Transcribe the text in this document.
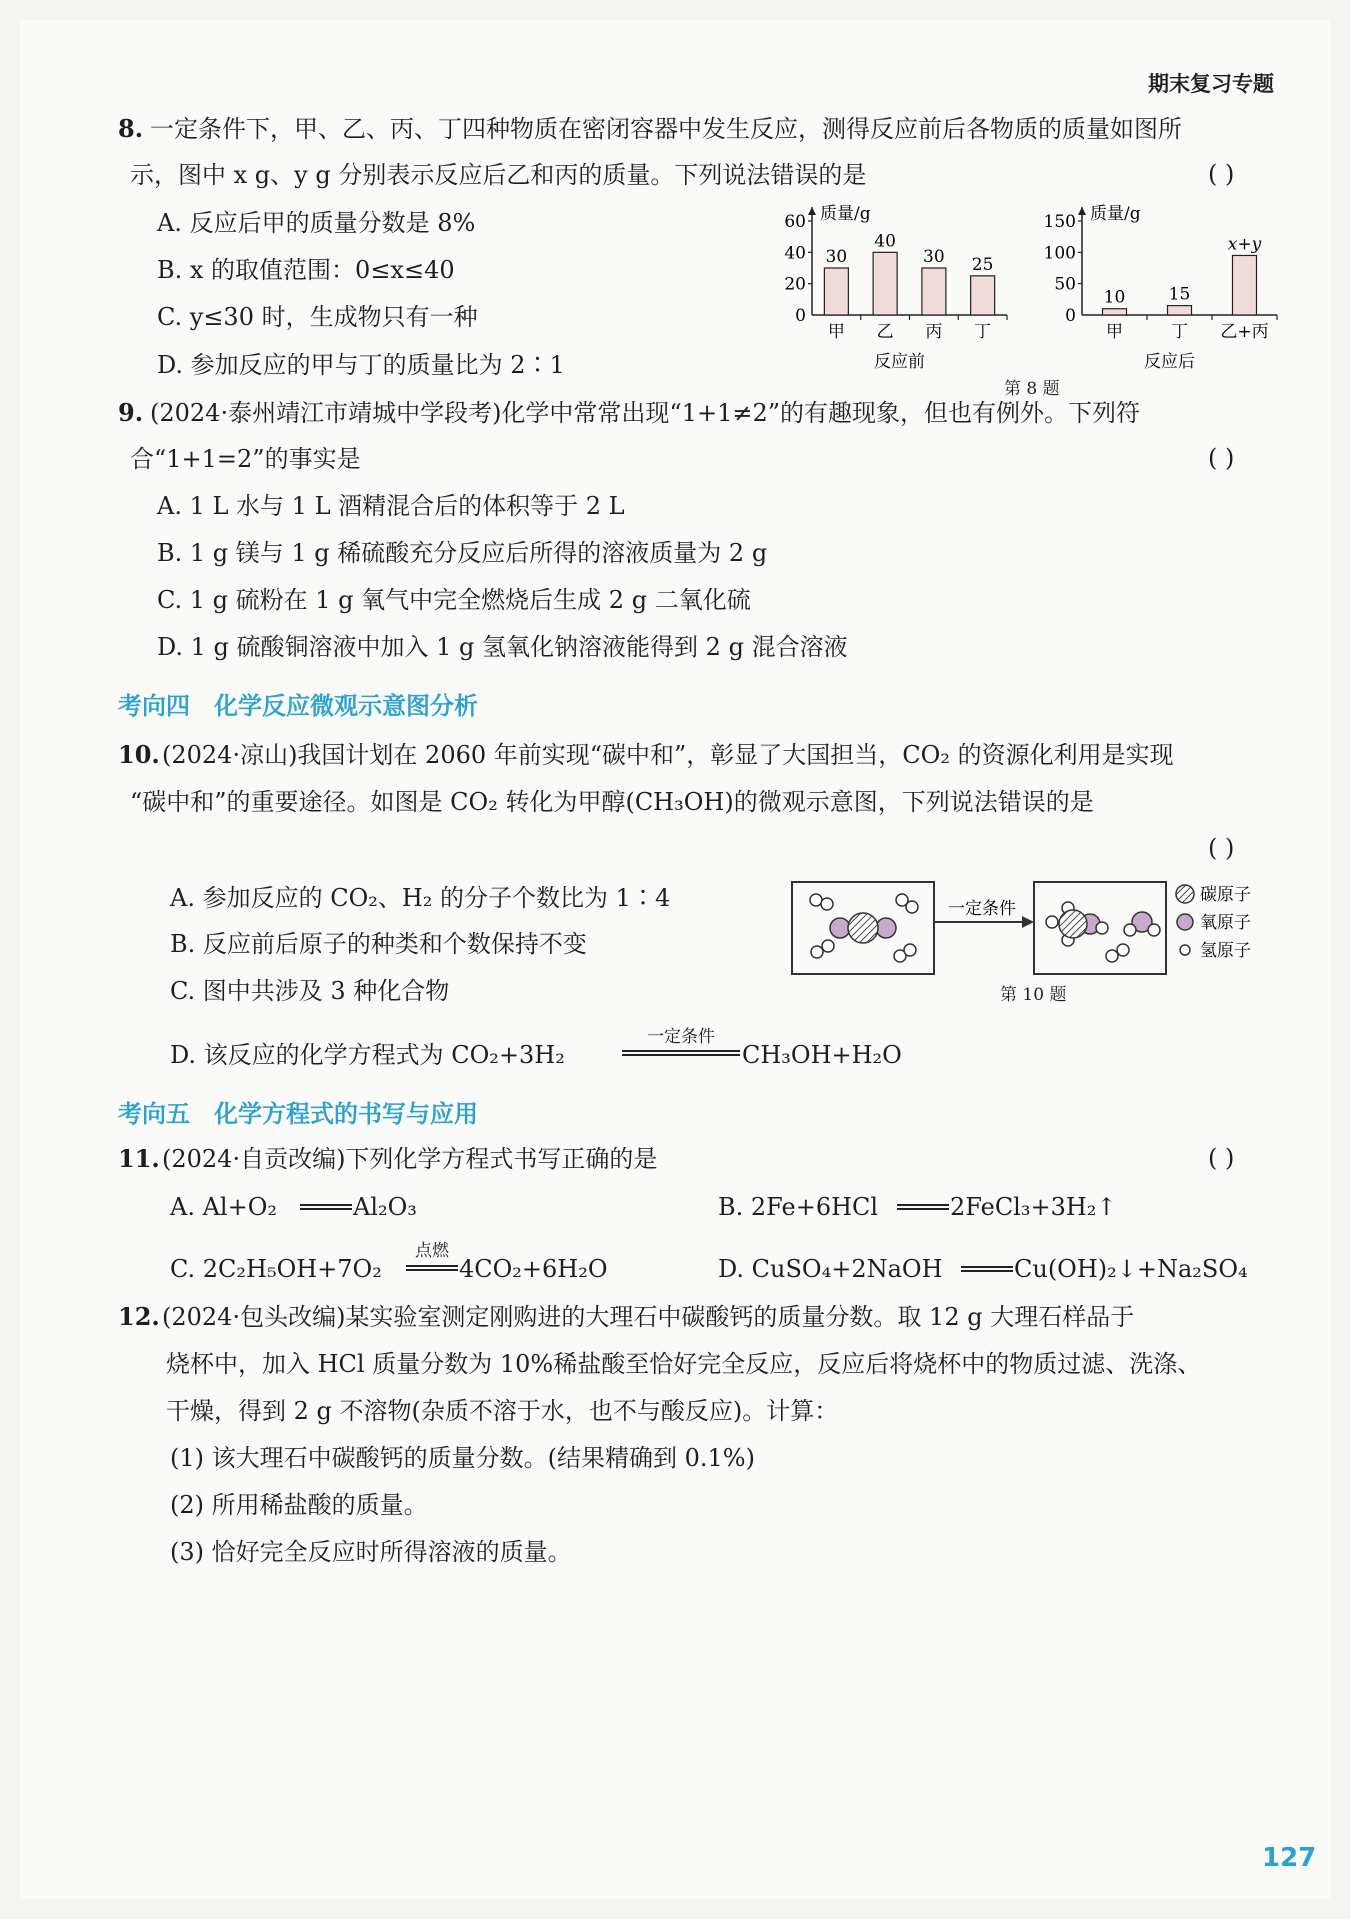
期末复习专题
8. 一定条件下，甲、乙、丙、丁四种物质在密闭容器中发生反应，测得反应前后各物质的质量如图所
示，图中 x g、y g 分别表示反应后乙和丙的质量。下列说法错误的是	( )
A. 反应后甲的质量分数是 8%
B. x 的取值范围：0≤x≤40
C. y≤30 时，生成物只有一种
D. 参加反应的甲与丁的质量比为 2∶1
质量/g
0
20
40
60
30
甲
40
乙
30
丙
25
丁
反应前
质量/g
0
50
100
150
10
甲
15
丁
x+y
乙+丙
反应后
第 8 题
9. (2024·泰州靖江市靖城中学段考)化学中常常出现“1+1≠2”的有趣现象，但也有例外。下列符
合“1+1=2”的事实是	( )
A. 1 L 水与 1 L 酒精混合后的体积等于 2 L
B. 1 g 镁与 1 g 稀硫酸充分反应后所得的溶液质量为 2 g
C. 1 g 硫粉在 1 g 氧气中完全燃烧后生成 2 g 二氧化硫
D. 1 g 硫酸铜溶液中加入 1 g 氢氧化钠溶液能得到 2 g 混合溶液
考向四　化学反应微观示意图分析
10. (2024·凉山)我国计划在 2060 年前实现“碳中和”，彰显了大国担当，CO₂ 的资源化利用是实现
“碳中和”的重要途径。如图是 CO₂ 转化为甲醇(CH₃OH)的微观示意图，下列说法错误的是
( )
A. 参加反应的 CO₂、H₂ 的分子个数比为 1∶4
B. 反应前后原子的种类和个数保持不变
C. 图中共涉及 3 种化合物
D. 该反应的化学方程式为 CO₂+3H₂
一定条件
CH₃OH+H₂O
一定条件
碳原子
氧原子
氢原子
第 10 题
考向五　化学方程式的书写与应用
11. (2024·自贡改编)下列化学方程式书写正确的是	( )
A. Al+O₂	Al₂O₃	B. 2Fe+6HCl	2FeCl₃+3H₂↑
C. 2C₂H₅OH+7O₂
点燃
4CO₂+6H₂O	D. CuSO₄+2NaOH	Cu(OH)₂↓+Na₂SO₄
12. (2024·包头改编)某实验室测定刚购进的大理石中碳酸钙的质量分数。取 12 g 大理石样品于
烧杯中，加入 HCl 质量分数为 10%稀盐酸至恰好完全反应，反应后将烧杯中的物质过滤、洗涤、
干燥，得到 2 g 不溶物(杂质不溶于水，也不与酸反应)。计算：
(1) 该大理石中碳酸钙的质量分数。(结果精确到 0.1%)
(2) 所用稀盐酸的质量。
(3) 恰好完全反应时所得溶液的质量。
127
